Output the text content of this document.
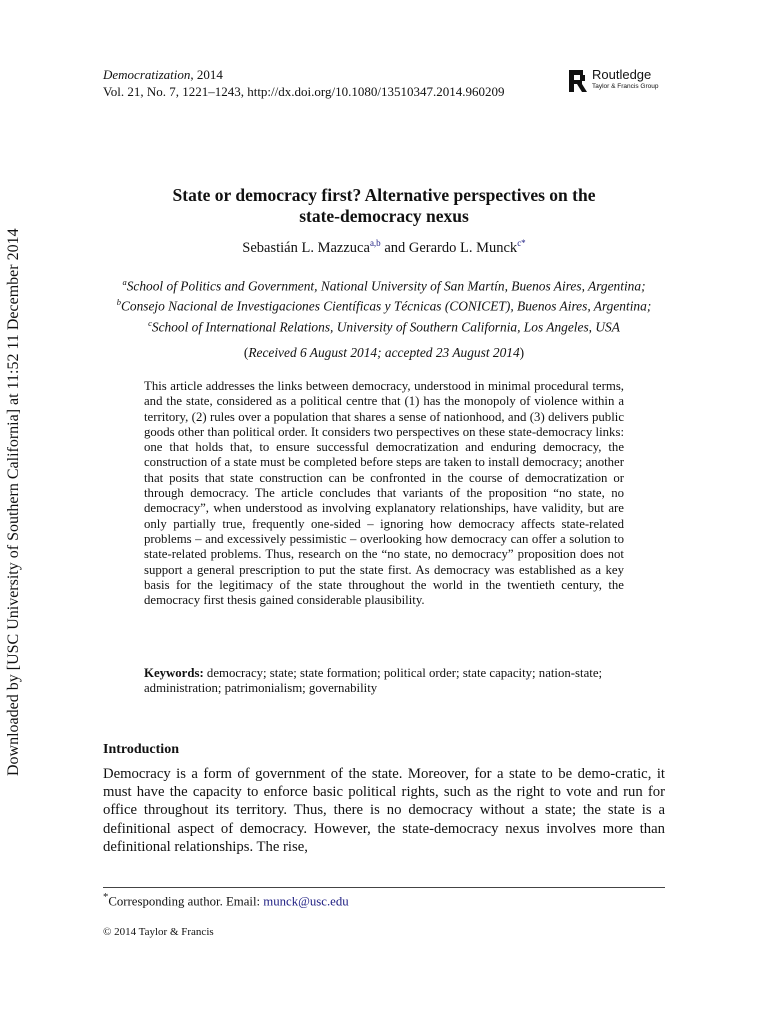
Downloaded by [USC University of Southern California] at 11:52 11 December 2014
Democratization, 2014
Vol. 21, No. 7, 1221–1243, http://dx.doi.org/10.1080/13510347.2014.960209
Routledge
Taylor & Francis Group
State or democracy first? Alternative perspectives on the
state-democracy nexus
Sebastián L. Mazzuca$^{a,b}$ and Gerardo L. Munck$^{c*}$
$^a$School of Politics and Government, National University of San Martín, Buenos Aires, Argentina; $^b$Consejo Nacional de Investigaciones Científicas y Técnicas (CONICET), Buenos Aires, Argentina; $^c$School of International Relations, University of Southern California, Los Angeles, USA
(Received 6 August 2014; accepted 23 August 2014)
This article addresses the links between democracy, understood in minimal procedural terms, and the state, considered as a political centre that (1) has the monopoly of violence within a territory, (2) rules over a population that shares a sense of nationhood, and (3) delivers public goods other than political order. It considers two perspectives on these state-democracy links: one that holds that, to ensure successful democratization and enduring democracy, the construction of a state must be completed before steps are taken to install democracy; another that posits that state construction can be confronted in the course of democratization or through democracy. The article concludes that variants of the proposition “no state, no democracy”, when understood as involving explanatory relationships, have validity, but are only partially true, frequently one-sided – ignoring how democracy affects state-related problems – and excessively pessimistic – overlooking how democracy can offer a solution to state-related problems. Thus, research on the “no state, no democracy” proposition does not support a general prescription to put the state first. As democracy was established as a key basis for the legitimacy of the state throughout the world in the twentieth century, the democracy first thesis gained considerable plausibility.
Keywords: democracy; state; state formation; political order; state capacity; nation-state; administration; patrimonialism; governability
Introduction
Democracy is a form of government of the state. Moreover, for a state to be demo-cratic, it must have the capacity to enforce basic political rights, such as the right to vote and run for office throughout its territory. Thus, there is no democracy without a state; the state is a definitional aspect of democracy. However, the state-democracy nexus involves more than definitional relationships. The rise,
*Corresponding author. Email: munck@usc.edu
© 2014 Taylor & Francis
